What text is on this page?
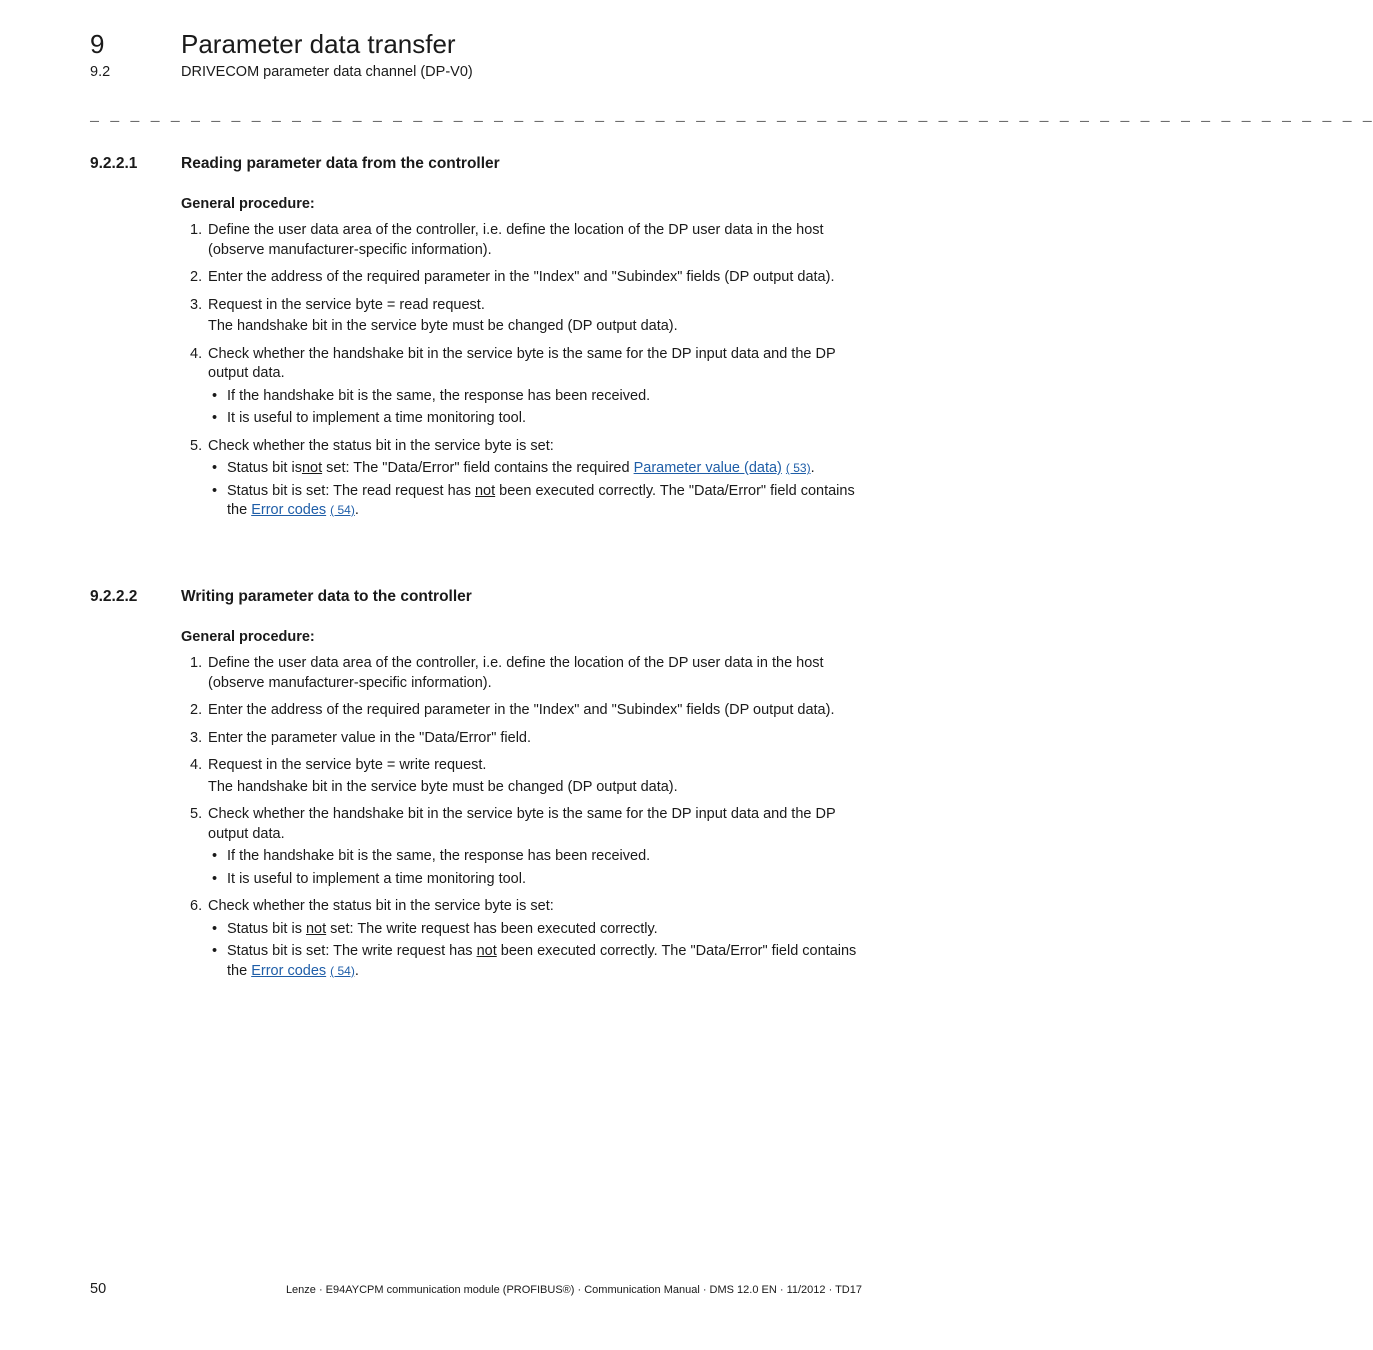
9	Parameter data transfer
9.2	DRIVECOM parameter data channel (DP-V0)
_ _ _ _ _ _ _ _ _ _ _ _ _ _ _ _ _ _ _ _ _ _ _ _ _ _ _ _ _ _ _ _ _ _ _ _ _ _ _ _ _ _ _ _ _ _ _ _ _ _ _ _ _ _ _ _ _ _ _ _ _ _ _ _
9.2.2.1	Reading parameter data from the controller
General procedure:
1. Define the user data area of the controller, i.e. define the location of the DP user data in the host (observe manufacturer-specific information).

2. Enter the address of the required parameter in the "Index" and "Subindex" fields (DP output data).

3. Request in the service byte = read request.

The handshake bit in the service byte must be changed (DP output data).

4. Check whether the handshake bit in the service byte is the same for the DP input data and the DP output data.

• If the handshake bit is the same, the response has been received.
• It is useful to implement a time monitoring tool.
5. Check whether the status bit in the service byte is set:

• Status bit isnot set: The "Data/Error" field contains the required Parameter value (data) ( 53).
• Status bit is set: The read request has not been executed correctly. The "Data/Error" field contains the Error codes ( 54).
9.2.2.2	Writing parameter data to the controller
General procedure:
1. Define the user data area of the controller, i.e. define the location of the DP user data in the host (observe manufacturer-specific information).

2. Enter the address of the required parameter in the "Index" and "Subindex" fields (DP output data).

3. Enter the parameter value in the "Data/Error" field.

4. Request in the service byte = write request.

The handshake bit in the service byte must be changed (DP output data).

5. Check whether the handshake bit in the service byte is the same for the DP input data and the DP output data.

• If the handshake bit is the same, the response has been received.
• It is useful to implement a time monitoring tool.
6. Check whether the status bit in the service byte is set:

• Status bit is not set: The write request has been executed correctly.
• Status bit is set: The write request has not been executed correctly. The "Data/Error" field contains the Error codes ( 54).
50	Lenze · E94AYCPM communication module (PROFIBUS®) · Communication Manual · DMS 12.0 EN · 11/2012 · TD17
